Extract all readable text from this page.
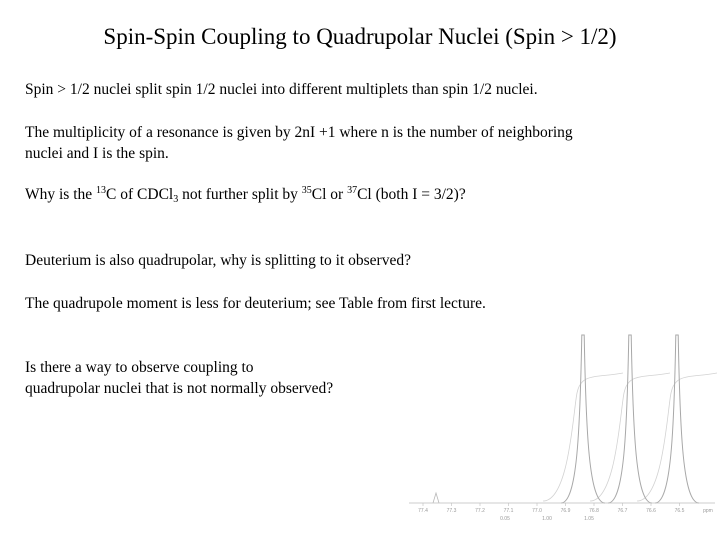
Spin-Spin Coupling to Quadrupolar Nuclei (Spin > 1/2)
Spin > 1/2 nuclei split spin 1/2 nuclei into different multiplets than spin 1/2 nuclei.
The multiplicity of a resonance is given by 2nI +1 where n is the number of neighboring
nuclei and I is the spin.
Why is the $^{13}$C of CDCl$_3$ not further split by $^{35}$Cl or $^{37}$Cl (both I = 3/2)?
Deuterium is also quadrupolar, why is splitting to it observed?
The quadrupole moment is less for deuterium; see Table from first lecture.
Is there a way to observe coupling to
quadrupolar nuclei that is not normally observed?
77.4	77.3	77.2	77.1	77.0	76.9	76.8	76.7	76.6	76.5	ppm
0.05	1.00	1.05
